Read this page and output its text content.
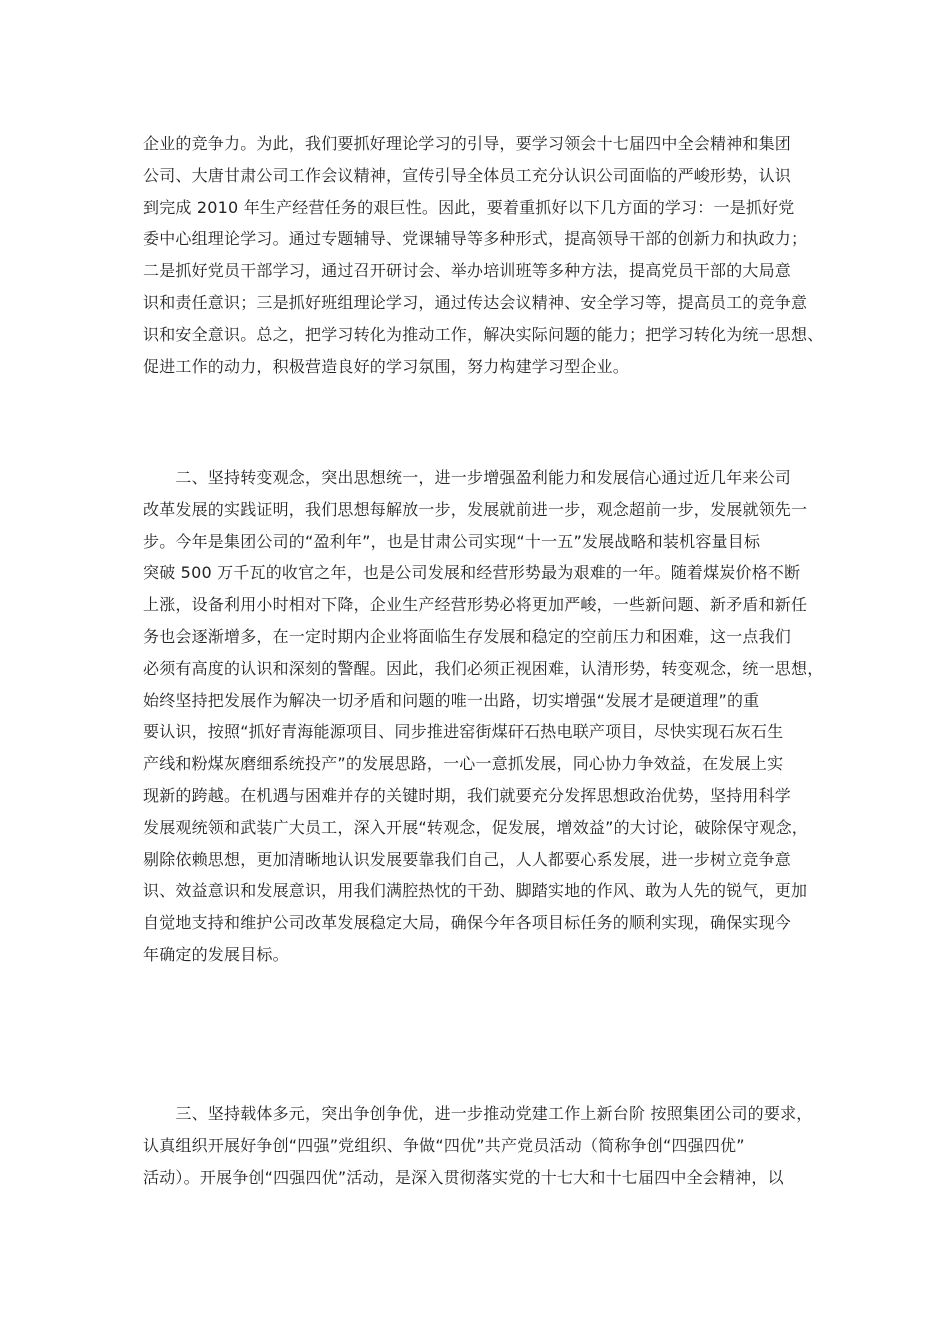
企业的竞争力。为此，我们要抓好理论学习的引导，要学习领会十七届四中全会精神和集团
公司、大唐甘肃公司工作会议精神，宣传引导全体员工充分认识公司面临的严峻形势，认识
到完成 2010 年生产经营任务的艰巨性。因此，要着重抓好以下几方面的学习：一是抓好党
委中心组理论学习。通过专题辅导、党课辅导等多种形式，提高领导干部的创新力和执政力；
二是抓好党员干部学习，通过召开研讨会、举办培训班等多种方法，提高党员干部的大局意
识和责任意识；三是抓好班组理论学习，通过传达会议精神、安全学习等，提高员工的竞争意
识和安全意识。总之，把学习转化为推动工作，解决实际问题的能力；把学习转化为统一思想、
促进工作的动力，积极营造良好的学习氛围，努力构建学习型企业。
　　二、坚持转变观念，突出思想统一，进一步增强盈利能力和发展信心通过近几年来公司
改革发展的实践证明，我们思想每解放一步，发展就前进一步，观念超前一步，发展就领先一
步。今年是集团公司的“盈利年”，也是甘肃公司实现“十一五”发展战略和装机容量目标
突破 500 万千瓦的收官之年，也是公司发展和经营形势最为艰难的一年。随着煤炭价格不断
上涨，设备利用小时相对下降，企业生产经营形势必将更加严峻，一些新问题、新矛盾和新任
务也会逐渐增多，在一定时期内企业将面临生存发展和稳定的空前压力和困难，这一点我们
必须有高度的认识和深刻的警醒。因此，我们必须正视困难，认清形势，转变观念，统一思想，
始终坚持把发展作为解决一切矛盾和问题的唯一出路，切实增强“发展才是硬道理”的重
要认识，按照“抓好青海能源项目、同步推进窑街煤矸石热电联产项目，尽快实现石灰石生
产线和粉煤灰磨细系统投产”的发展思路，一心一意抓发展，同心协力争效益，在发展上实
现新的跨越。在机遇与困难并存的关键时期，我们就要充分发挥思想政治优势，坚持用科学
发展观统领和武装广大员工，深入开展“转观念，促发展，增效益”的大讨论，破除保守观念，
剔除依赖思想，更加清晰地认识发展要靠我们自己，人人都要心系发展，进一步树立竞争意
识、效益意识和发展意识，用我们满腔热忱的干劲、脚踏实地的作风、敢为人先的锐气，更加
自觉地支持和维护公司改革发展稳定大局，确保今年各项目标任务的顺利实现，确保实现今
年确定的发展目标。
　　三、坚持载体多元，突出争创争优，进一步推动党建工作上新台阶 按照集团公司的要求，
认真组织开展好争创“四强”党组织、争做“四优”共产党员活动（简称争创“四强四优”
活动）。开展争创“四强四优”活动，是深入贯彻落实党的十七大和十七届四中全会精神，以
